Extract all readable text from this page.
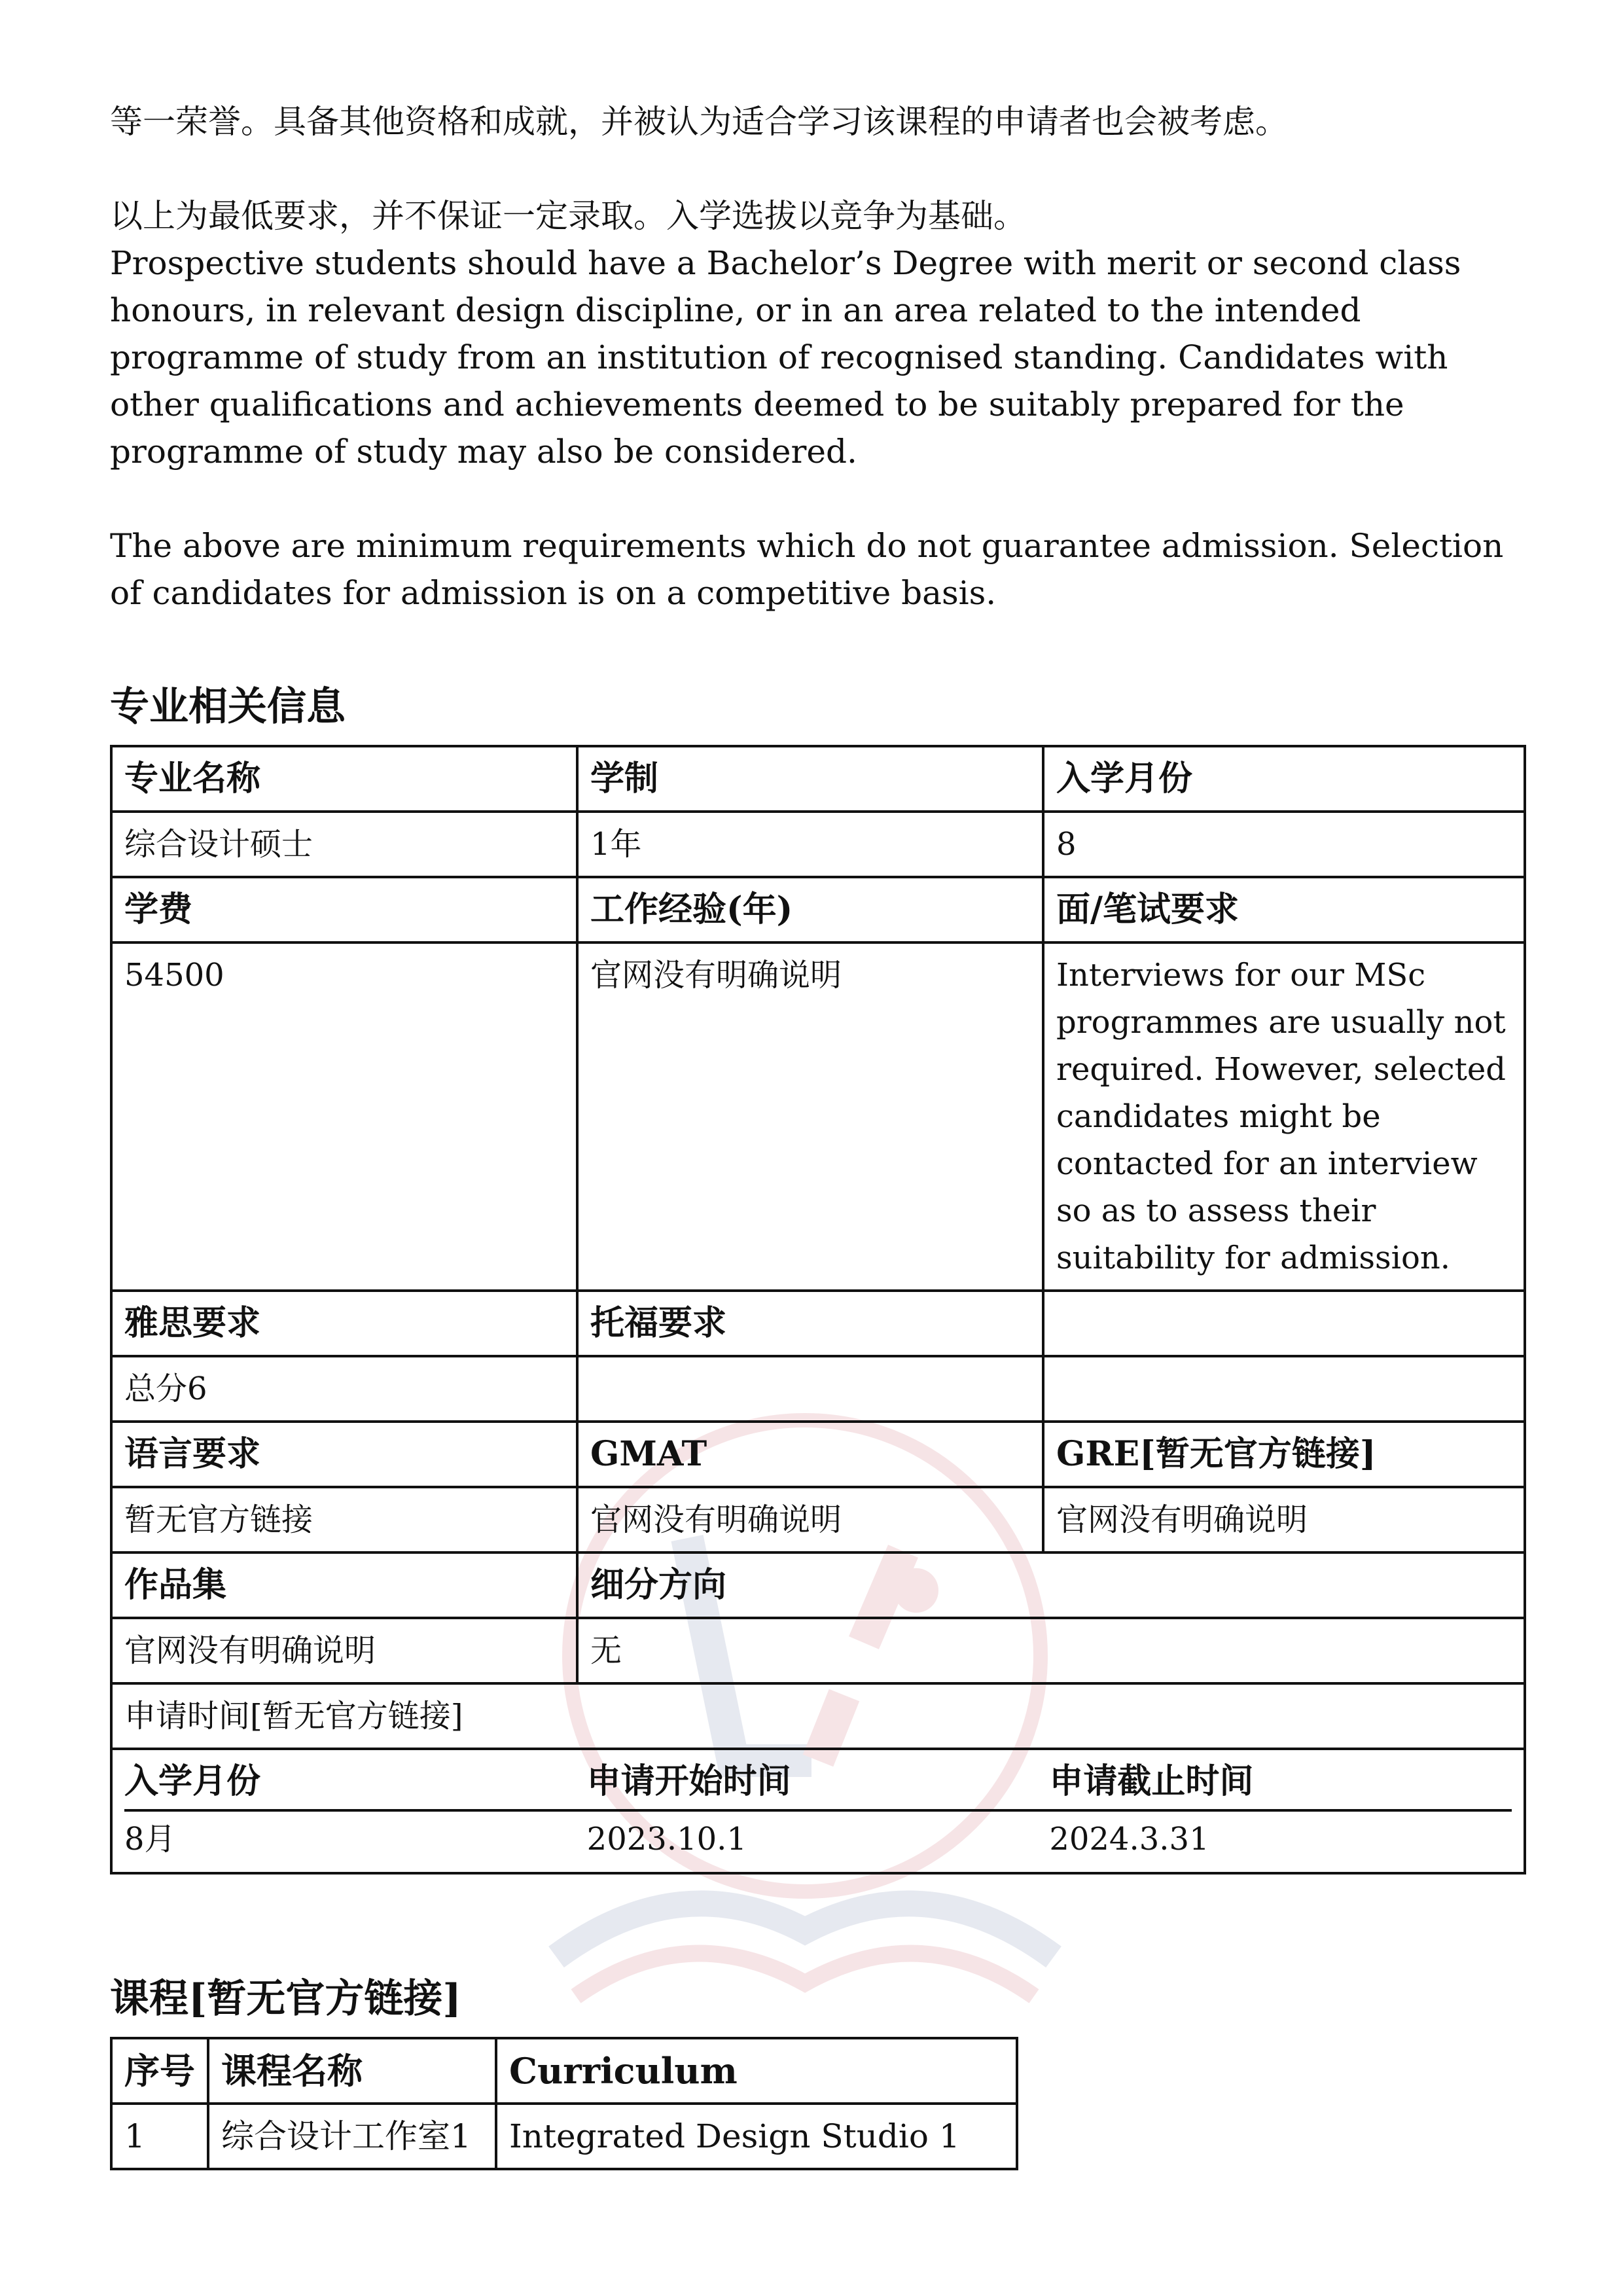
等一荣誉。具备其他资格和成就，并被认为适合学习该课程的申请者也会被考虑。

以上为最低要求，并不保证一定录取。入学选拔以竞争为基础。

Prospective students should have a Bachelor’s Degree with merit or second class honours, in relevant design discipline, or in an area related to the intended programme of study from an institution of recognised standing. Candidates with other qualifications and achievements deemed to be suitably prepared for the programme of study may also be considered.

The above are minimum requirements which do not guarantee admission. Selection of candidates for admission is on a competitive basis.

专业相关信息
专业名称	学制	入学月份
综合设计硕士	1年	8
学费	工作经验(年)	面/笔试要求
54500	官网没有明确说明	Interviews for our MSc programmes are usually not required. However, selected candidates might be contacted for an interview so as to assess their suitability for admission.
雅思要求	托福要求	
总分6		
语言要求	GMAT	GRE[暂无官方链接]
暂无官方链接	官网没有明确说明	官网没有明确说明
作品集	细分方向
官网没有明确说明	无
申请时间[暂无官方链接]

入学月份	申请开始时间	申请截止时间
8月	2023.10.1	2024.3.31
课程[暂无官方链接]
序号	课程名称	Curriculum
1	综合设计工作室1	Integrated Design Studio 1
